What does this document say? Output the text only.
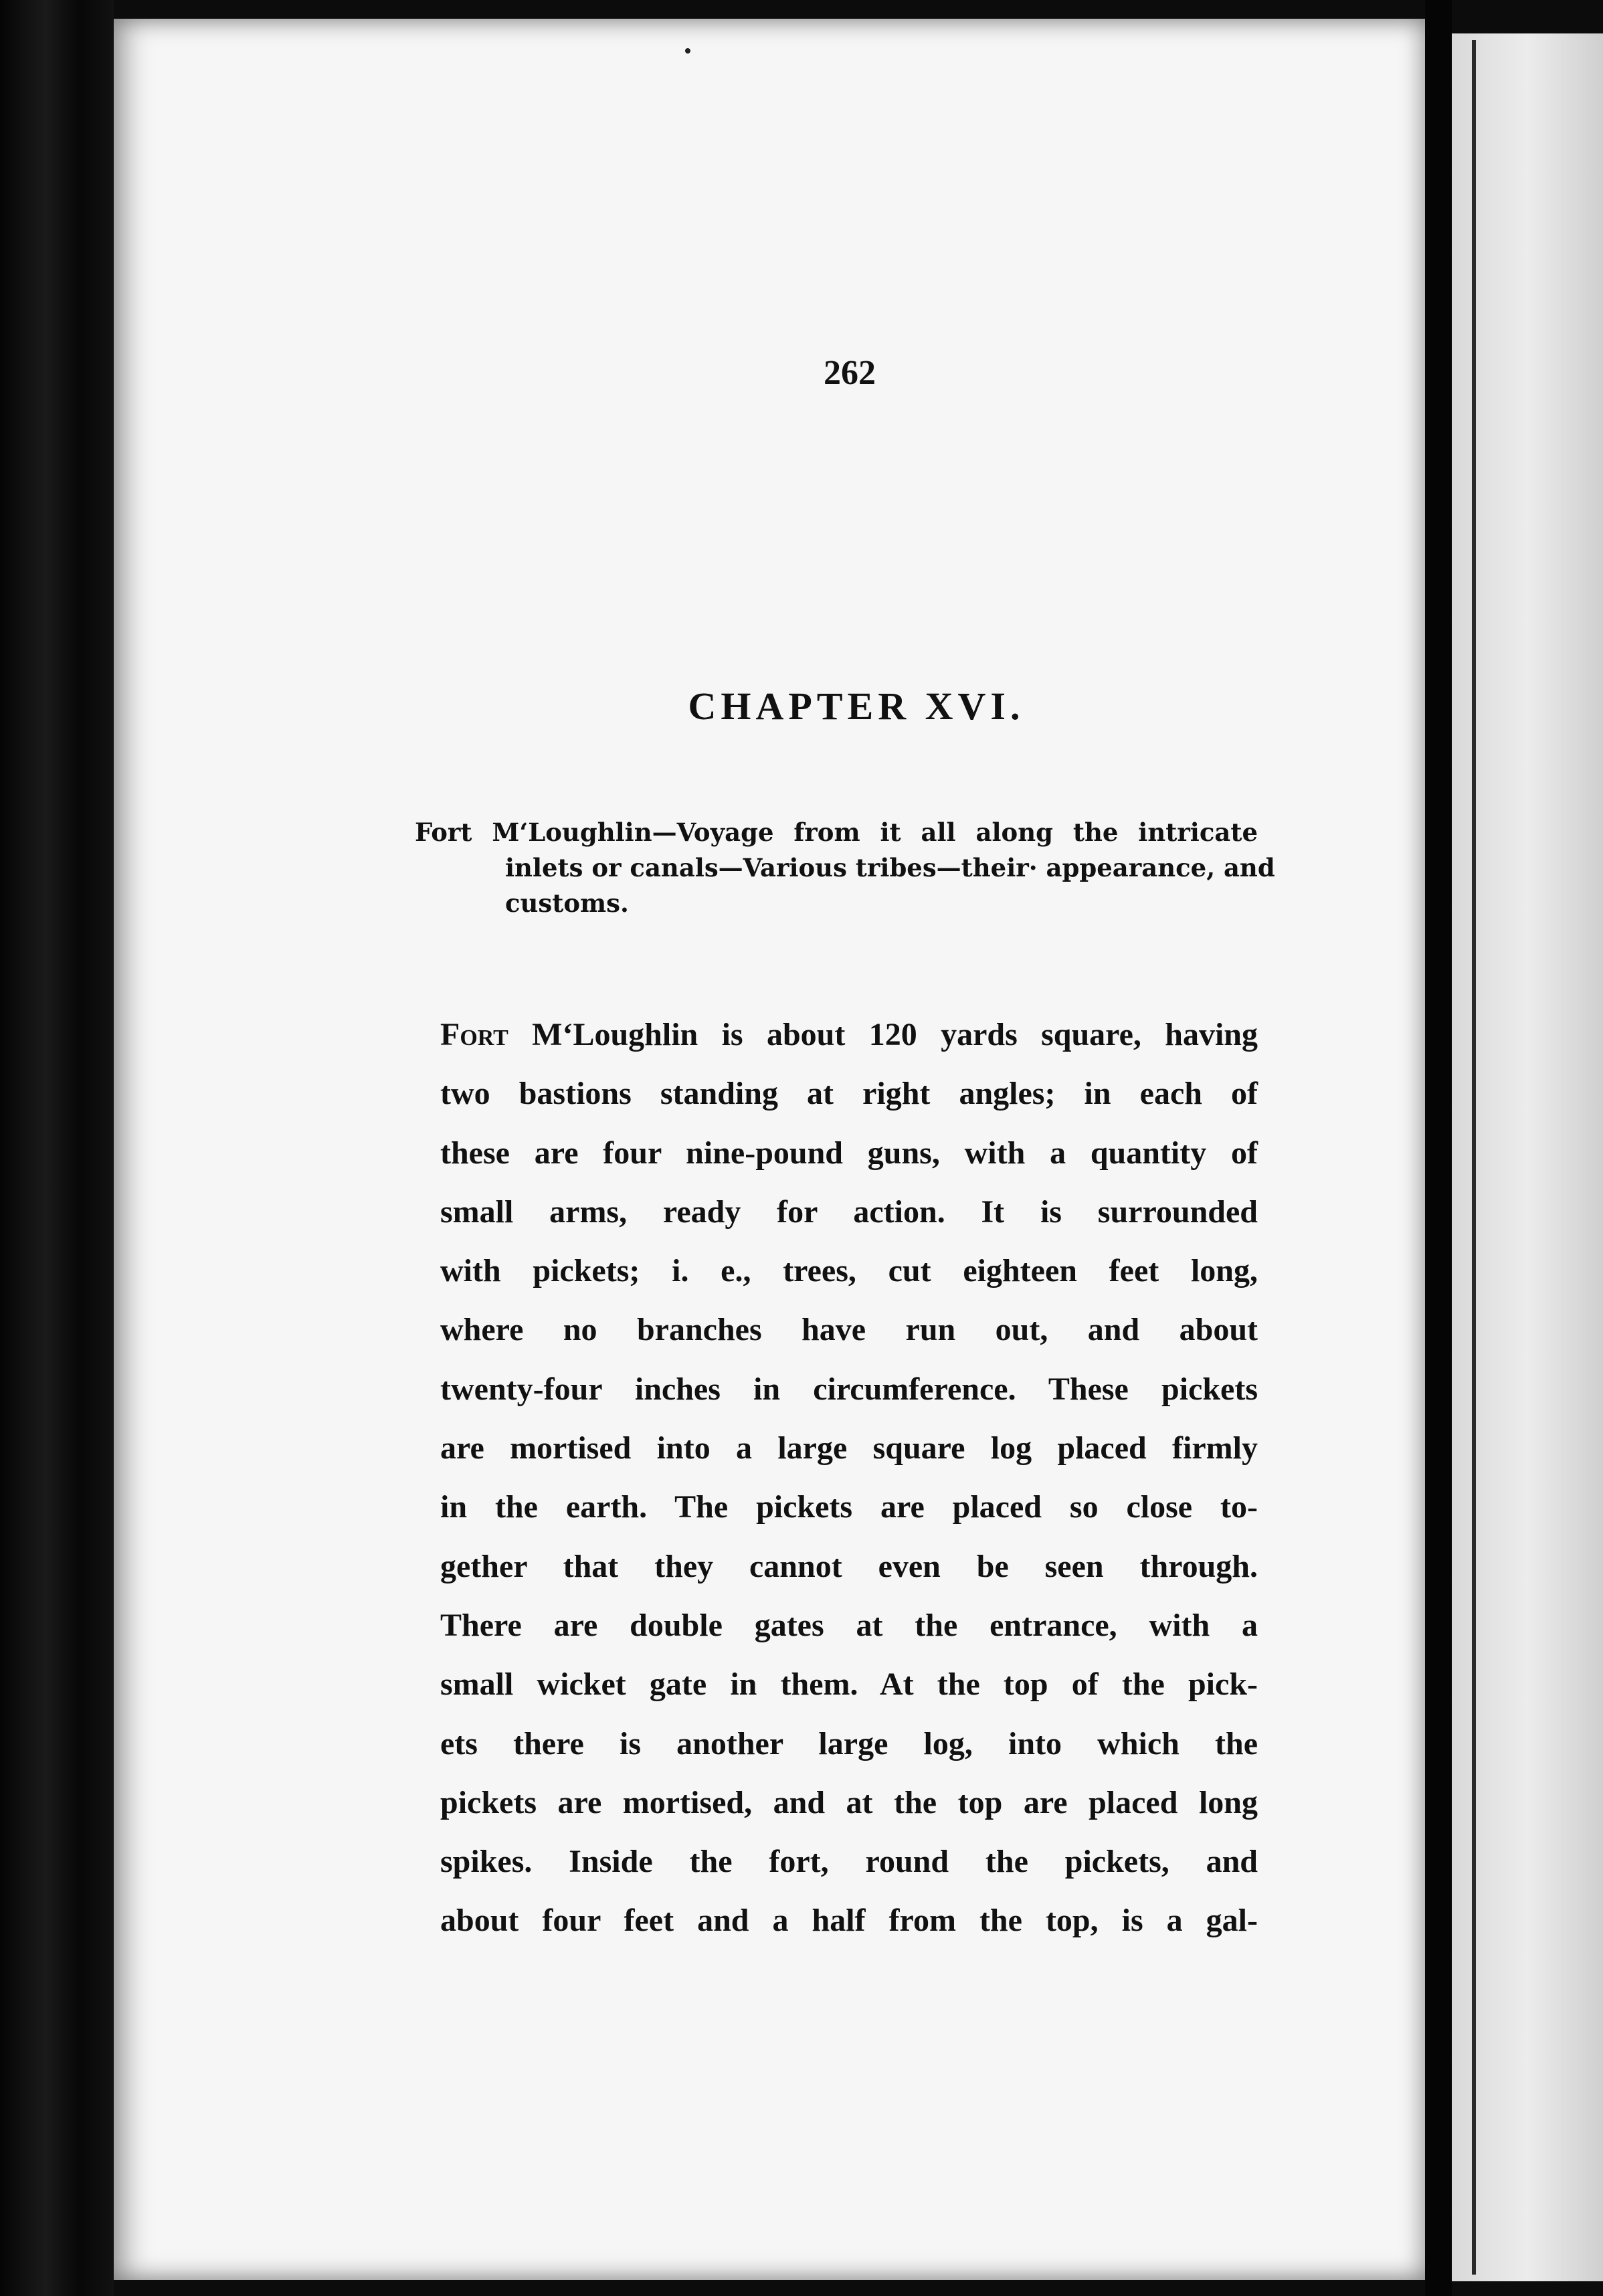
262
CHAPTER XVI.
Fort M‘Loughlin—Voyage from it all along the intricate
inlets or canals—Various tribes—their· appearance, and
customs.
Fort M‘Loughlin is about 120 yards square, having
two bastions standing at right angles; in each of
these are four nine-pound guns, with a quantity of
small arms, ready for action. It is surrounded
with pickets; i. e., trees, cut eighteen feet long,
where no branches have run out, and about
twenty-four inches in circumference. These pickets
are mortised into a large square log placed firmly
in the earth. The pickets are placed so close to-
gether that they cannot even be seen through.
There are double gates at the entrance, with a
small wicket gate in them. At the top of the pick-
ets there is another large log, into which the
pickets are mortised, and at the top are placed long
spikes. Inside the fort, round the pickets, and
about four feet and a half from the top, is a gal-
